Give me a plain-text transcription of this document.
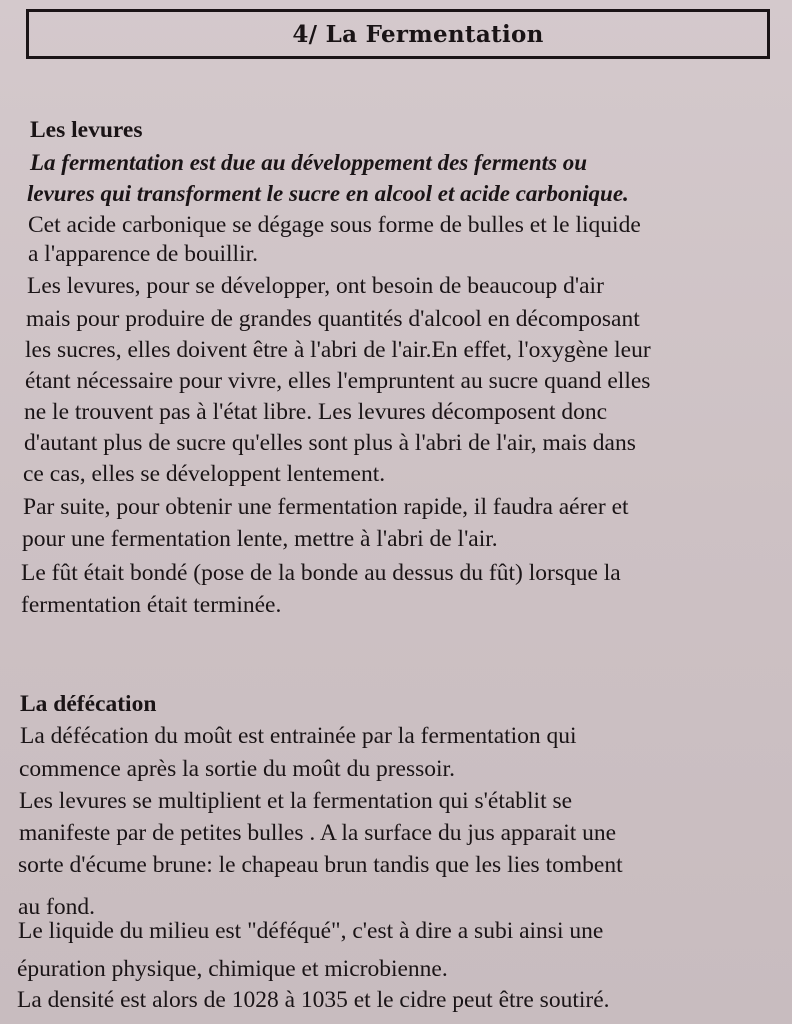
4/ La Fermentation
Les levures
La fermentation est due au développement des ferments ou
levures qui transforment le sucre en alcool et acide carbonique.
Cet acide carbonique se dégage sous forme de bulles et le liquide
a l'apparence de bouillir.
Les levures, pour se développer, ont besoin de beaucoup d'air
mais pour produire de grandes quantités d'alcool en décomposant
les sucres, elles doivent être à l'abri de l'air.En effet, l'oxygène leur
étant nécessaire pour vivre, elles l'empruntent au sucre quand elles
ne le trouvent pas à l'état libre. Les levures décomposent donc
d'autant plus de sucre qu'elles sont plus à l'abri de l'air, mais dans
ce cas, elles se développent lentement.
Par suite, pour obtenir une fermentation rapide, il faudra aérer et
pour une fermentation lente, mettre à l'abri de l'air.
Le fût était bondé (pose de la bonde au dessus du fût) lorsque la
fermentation était terminée.
La défécation
La défécation du moût est entrainée par la fermentation qui
commence après la sortie du moût du pressoir.
Les levures se multiplient et la fermentation qui s'établit se
manifeste par de petites bulles . A la surface du jus apparait une
sorte d'écume brune: le chapeau brun tandis que les lies tombent
au fond.
Le liquide du milieu est "déféqué", c'est à dire a subi ainsi une
épuration physique, chimique et microbienne.
La densité est alors de 1028 à 1035 et le cidre peut être soutiré.
